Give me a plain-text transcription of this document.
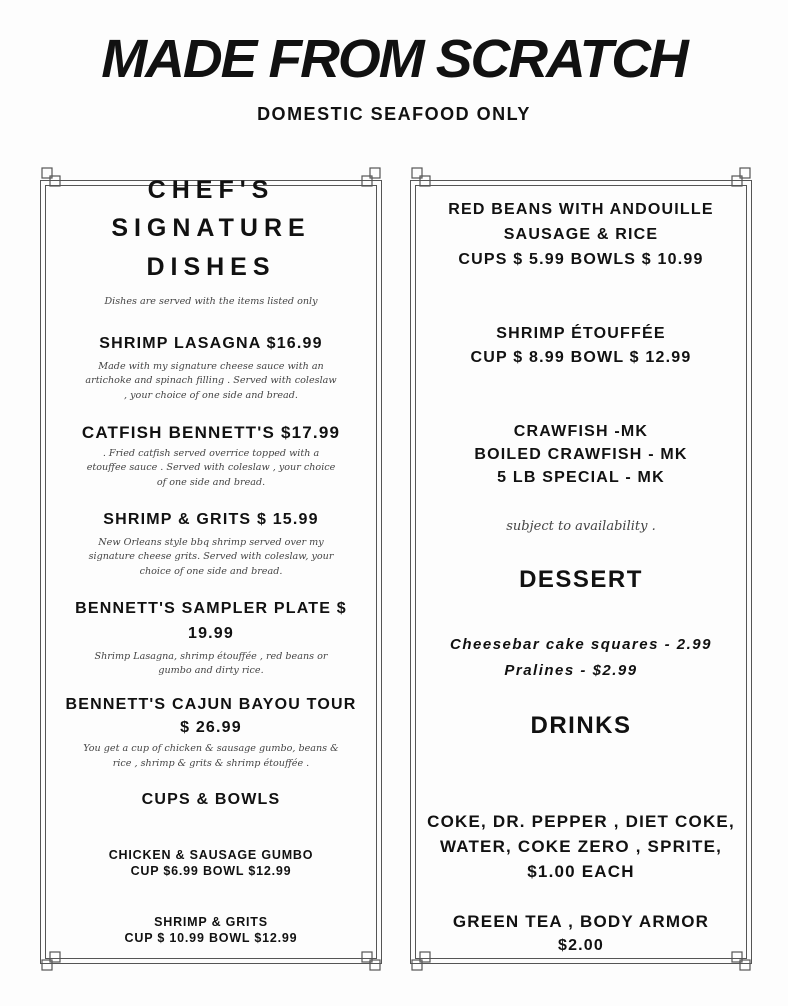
MADE FROM SCRATCH
DOMESTIC SEAFOOD ONLY
CHEF'S
SIGNATURE
DISHES
Dishes are served with the items listed only
SHRIMP LASAGNA $16.99
Made with my signature cheese sauce with an
artichoke and spinach filling . Served with coleslaw
, your choice of one side and bread.
CATFISH BENNETT'S $17.99
. Fried catfish served overrice topped with a
etouffee sauce . Served with coleslaw , your choice
of one side and bread.
SHRIMP & GRITS $ 15.99
New Orleans style bbq shrimp served over my
signature cheese grits. Served with coleslaw, your
choice of one side and bread.
BENNETT'S SAMPLER PLATE $
19.99
Shrimp Lasagna, shrimp étouffée , red beans or
gumbo and dirty rice.
BENNETT'S CAJUN BAYOU TOUR
$ 26.99
You get a cup of chicken & sausage gumbo, beans &
rice , shrimp & grits & shrimp étouffée .
CUPS & BOWLS
CHICKEN & SAUSAGE GUMBO
CUP $6.99 BOWL $12.99
SHRIMP & GRITS
CUP $ 10.99 BOWL $12.99
RED BEANS WITH ANDOUILLE
SAUSAGE & RICE
CUPS $ 5.99 BOWLS $ 10.99
SHRIMP ÉTOUFFÉE
CUP $ 8.99 BOWL $ 12.99
CRAWFISH -MK
BOILED CRAWFISH - MK
5 LB SPECIAL - MK
subject to availability .
DESSERT
Cheesebar cake squares - 2.99
Pralines - $2.99
DRINKS
COKE, DR. PEPPER , DIET COKE,
WATER, COKE ZERO , SPRITE,
$1.00 EACH
GREEN TEA , BODY ARMOR
$2.00
